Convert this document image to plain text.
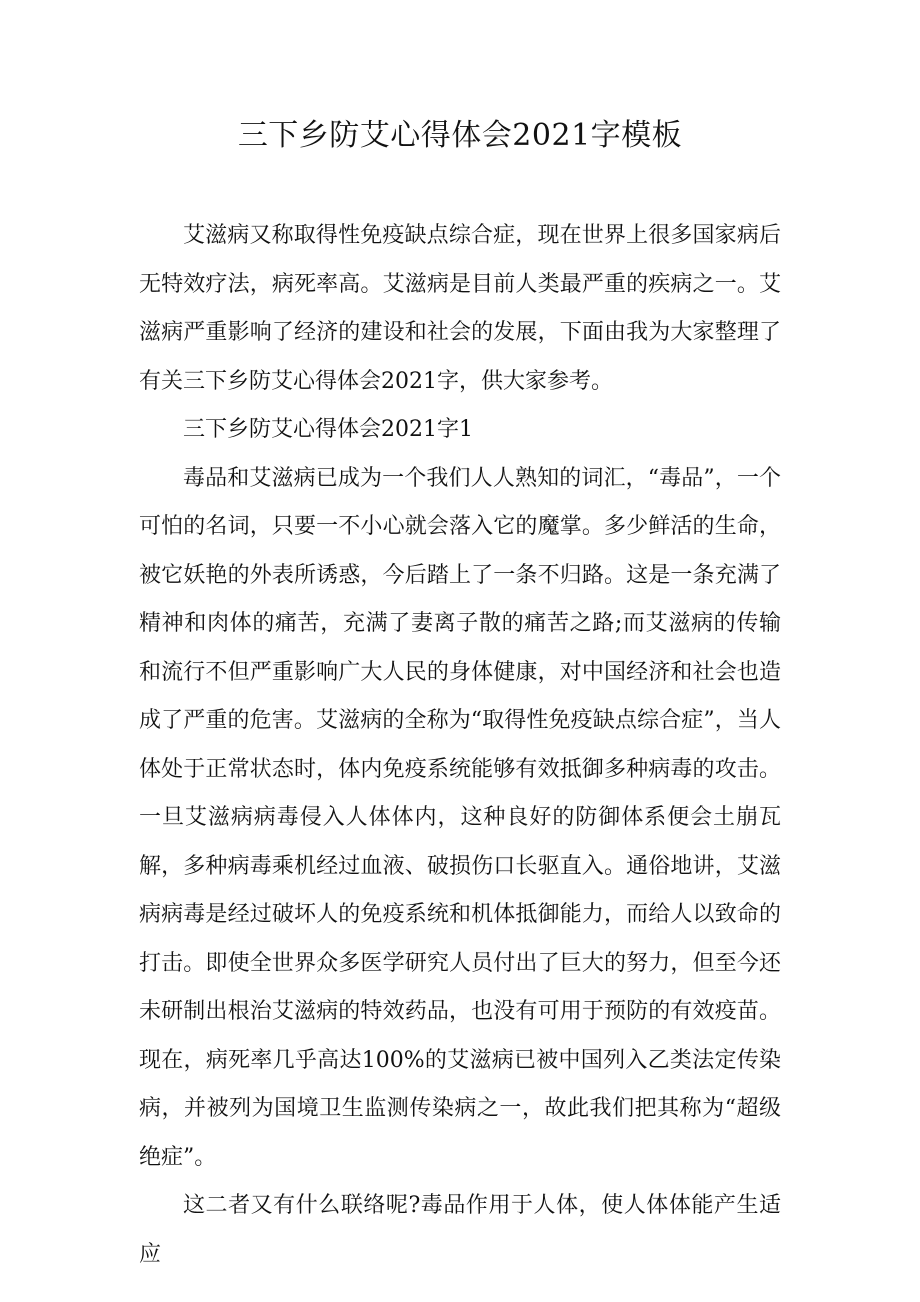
三下乡防艾心得体会2021字模板

艾滋病又称取得性免疫缺点综合症，现在世界上很多国家病后无特效疗法，病死率高。艾滋病是目前人类最严重的疾病之一。艾滋病严重影响了经济的建设和社会的发展，下面由我为大家整理了有关三下乡防艾心得体会2021字，供大家参考。

三下乡防艾心得体会2021字1

毒品和艾滋病已成为一个我们人人熟知的词汇，“毒品”，一个可怕的名词，只要一不小心就会落入它的魔掌。多少鲜活的生命，被它妖艳的外表所诱惑，今后踏上了一条不归路。这是一条充满了精神和肉体的痛苦，充满了妻离子散的痛苦之路;而艾滋病的传输和流行不但严重影响广大人民的身体健康，对中国经济和社会也造成了严重的危害。艾滋病的全称为“取得性免疫缺点综合症”，当人体处于正常状态时，体内免疫系统能够有效抵御多种病毒的攻击。一旦艾滋病病毒侵入人体体内，这种良好的防御体系便会土崩瓦解，多种病毒乘机经过血液、破损伤口长驱直入。通俗地讲，艾滋病病毒是经过破坏人的免疫系统和机体抵御能力，而给人以致命的打击。即使全世界众多医学研究人员付出了巨大的努力，但至今还未研制出根治艾滋病的特效药品，也没有可用于预防的有效疫苗。现在，病死率几乎高达100%的艾滋病已被中国列入乙类法定传染病，并被列为国境卫生监测传染病之一，故此我们把其称为“超级绝症”。

这二者又有什么联络呢?毒品作用于人体，使人体体能产生适应
